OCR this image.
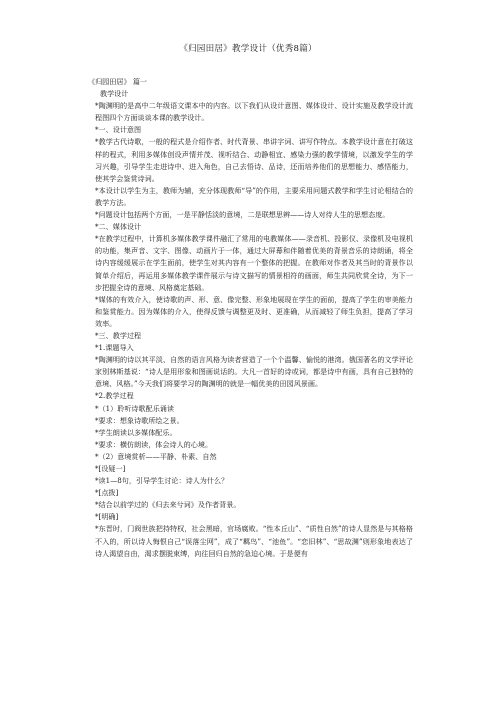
《归园田居》教学设计（优秀8篇）

《归园田居》 篇一

教学设计

*陶渊明的是高中二年级语文课本中的内容。以下我们从设计意图、媒体设计、设计实施及教学设计流程图四个方面谈谈本课的教学设计。

*一、设计意图

*教学古代诗歌，一般的程式是介绍作者、时代背景、串讲字词、讲写作特点。本教学设计意在打破这样的程式，利用多媒体创设声情并茂、视听结合、动静相宜、感染力强的教学情境，以激发学生的学习兴趣，引导学生走进诗中、进入角色，自己去悟诗、品诗，还而培养他们的思想能力、感悟能力，使其学会鉴赏诗词。

*本设计以学生为主，教师为辅，充分体现教师“导”的作用，主要采用问题式教学和学生讨论相结合的教学方法。

*问题设计包括两个方面，一是平静恬淡的意境，二是联想思辨——诗人对待人生的思想态度。

*二、媒体设计

*在教学过程中，计算机多媒体教学课件融汇了常用的电教媒体——录音机、投影仪、录像机及电视机的功能，集声音、文字、图像、动画片于一体，通过大屏幕和伴随着优美的背景音乐的诗朗诵，将全诗内容缓缓展示在学生面前，使学生对其内容有一个整体的把握。在教师对作者及其当时的背景作以简单介绍后，再运用多媒体教学课件展示与诗文描写的情景相符的画面，师生共同欣赏全诗，为下一步把握全诗的意境、风格奠定基础。

*媒体的有效介入，使诗歌的声、形、意、像完整、形象地展现在学生的面前，提高了学生的审美能力和鉴赏能力。因为媒体的介入，使得反馈与调整更及时、更准确，从而减轻了师生负担，提高了学习效率。

*三、教学过程

*1.课题导入

*陶渊明的诗以其平淡、自然的语言风格为读者营造了一个个温馨、愉悦的港湾。俄国著名的文学评论家别林斯基说：“诗人是用形象和图画说话的。大凡一首好的诗或词，都是诗中有画，具有自己独特的意境、风格。”今天我们将要学习的陶渊明的就是一幅优美的田园风景画。

*2.教学过程

*（1）聆听诗歌配乐诵读

*要求：想象诗歌所绘之景。

*学生朗读以多媒体配乐。

*要求：横仿朗读，体会诗人的心境。

*（2）意境赏析——平静、朴素、自然

*[设疑一]

*读1—8句，引导学生讨论：诗人为什么？

*[点拨]

*结合以前学过的《归去来兮词》及作者背景。

*[明确]

*东晋时，门阀世族把持特权，社会黑暗，官场腐败。“性本丘山”、“质性自然”的诗人显然是与其格格不入的，所以诗人悔恨自己“误落尘网”，成了“羁鸟”、“池鱼”。“恋旧林”、“思故渊”则形象地表达了诗人渴望自由，渴求摆脱束缚，向往回归自然的急迫心境。于是便有
